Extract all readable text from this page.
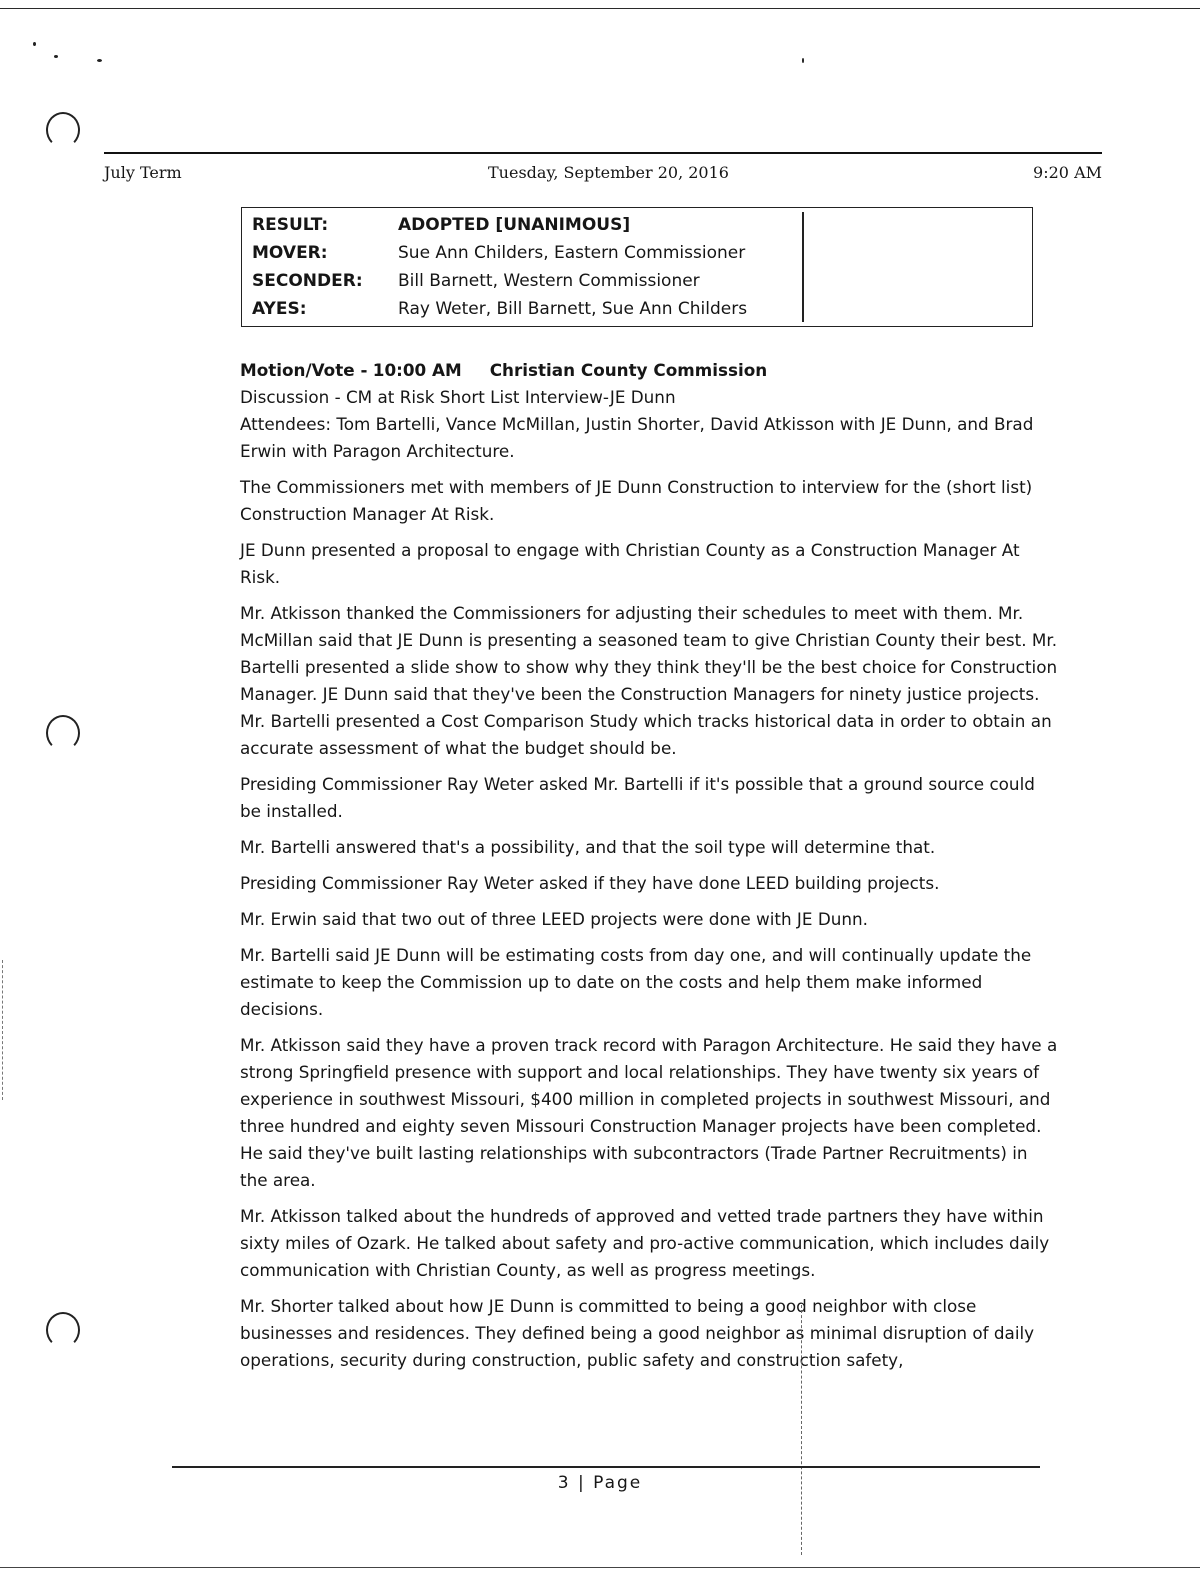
July Term	Tuesday, September 20, 2016	9:20 AM
RESULT:	ADOPTED [UNANIMOUS]
MOVER:	Sue Ann Childers, Eastern Commissioner
SECONDER: Bill Barnett, Western Commissioner
AYES:	Ray Weter, Bill Barnett, Sue Ann Childers
Motion/Vote - 10:00 AM Christian County Commission
Discussion - CM at Risk Short List Interview-JE Dunn

Attendees: Tom Bartelli, Vance McMillan, Justin Shorter, David Atkisson with JE Dunn, and Brad Erwin with Paragon Architecture.

The Commissioners met with members of JE Dunn Construction to interview for the (short list) Construction Manager At Risk.

JE Dunn presented a proposal to engage with Christian County as a Construction Manager At Risk.

Mr. Atkisson thanked the Commissioners for adjusting their schedules to meet with them. Mr. McMillan said that JE Dunn is presenting a seasoned team to give Christian County their best. Mr. Bartelli presented a slide show to show why they think they'll be the best choice for Construction Manager. JE Dunn said that they've been the Construction Managers for ninety justice projects. Mr. Bartelli presented a Cost Comparison Study which tracks historical data in order to obtain an accurate assessment of what the budget should be.

Presiding Commissioner Ray Weter asked Mr. Bartelli if it's possible that a ground source could be installed.

Mr. Bartelli answered that's a possibility, and that the soil type will determine that.

Presiding Commissioner Ray Weter asked if they have done LEED building projects.

Mr. Erwin said that two out of three LEED projects were done with JE Dunn.

Mr. Bartelli said JE Dunn will be estimating costs from day one, and will continually update the estimate to keep the Commission up to date on the costs and help them make informed decisions.

Mr. Atkisson said they have a proven track record with Paragon Architecture. He said they have a strong Springfield presence with support and local relationships. They have twenty six years of experience in southwest Missouri, $400 million in completed projects in southwest Missouri, and three hundred and eighty seven Missouri Construction Manager projects have been completed. He said they've built lasting relationships with subcontractors (Trade Partner Recruitments) in the area.

Mr. Atkisson talked about the hundreds of approved and vetted trade partners they have within sixty miles of Ozark. He talked about safety and pro-active communication, which includes daily communication with Christian County, as well as progress meetings.

Mr. Shorter talked about how JE Dunn is committed to being a good neighbor with close businesses and residences. They defined being a good neighbor as minimal disruption of daily operations, security during construction, public safety and construction safety,

3 | Page
